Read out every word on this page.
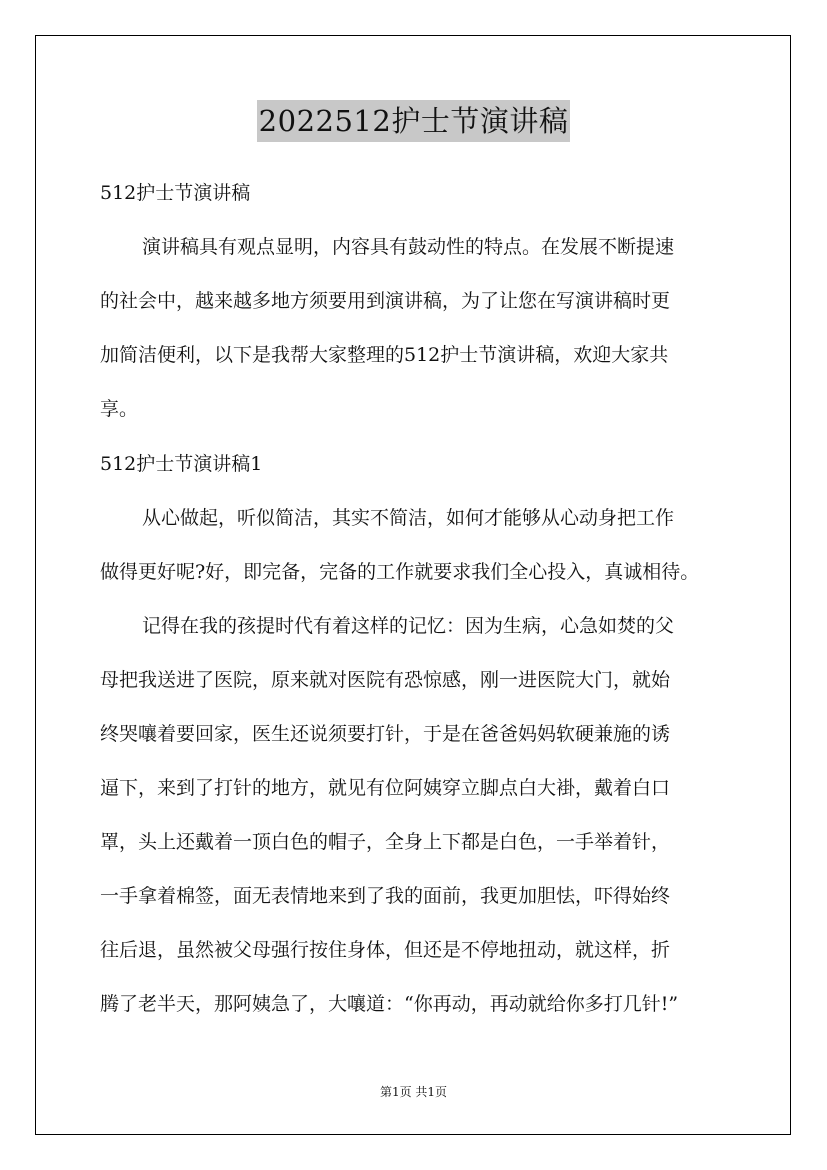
2022512护士节演讲稿
512护士节演讲稿
演讲稿具有观点显明，内容具有鼓动性的特点。在发展不断提速
的社会中，越来越多地方须要用到演讲稿，为了让您在写演讲稿时更
加简洁便利，以下是我帮大家整理的512护士节演讲稿，欢迎大家共
享。
512护士节演讲稿1
从心做起，听似简洁，其实不简洁，如何才能够从心动身把工作
做得更好呢?好，即完备，完备的工作就要求我们全心投入，真诚相待。
记得在我的孩提时代有着这样的记忆：因为生病，心急如焚的父
母把我送进了医院，原来就对医院有恐惊感，刚一进医院大门，就始
终哭嚷着要回家，医生还说须要打针，于是在爸爸妈妈软硬兼施的诱
逼下，来到了打针的地方，就见有位阿姨穿立脚点白大褂，戴着白口
罩，头上还戴着一顶白色的帽子，全身上下都是白色，一手举着针，
一手拿着棉签，面无表情地来到了我的面前，我更加胆怯，吓得始终
往后退，虽然被父母强行按住身体，但还是不停地扭动，就这样，折
腾了老半天，那阿姨急了，大嚷道：“你再动，再动就给你多打几针!”
第1页 共1页
